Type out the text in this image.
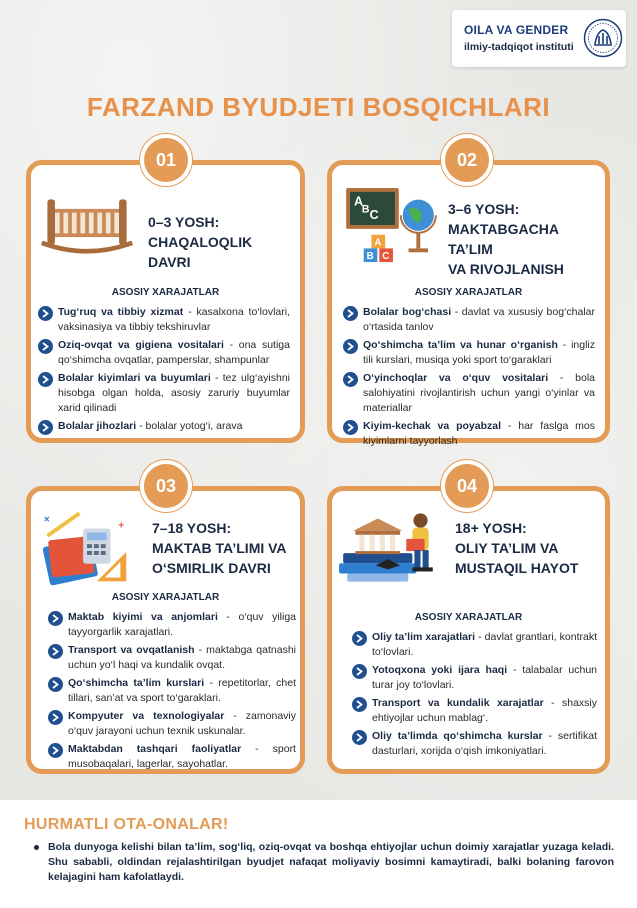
OILA VA GENDER
ilmiy-tadqiqot instituti
FARZAND BYUDJETI BOSQICHLARI
01
0–3 YOSH:
CHAQALOQLIK DAVRI
ASOSIY XARAJATLAR
Tug‘ruq va tibbiy xizmat - kasalxona to‘lovlari, vaksinasiya va tibbiy tekshiruvlar
Oziq-ovqat va gigiena vositalari - ona sutiga qo‘shimcha ovqatlar, pamperslar, shampunlar
Bolalar kiyimlari va buyumlari - tez ulg‘ayishni hisobga olgan holda, asosiy zaruriy buyumlar xarid qilinadi
Bolalar jihozlari - bolalar yotog‘i, arava
02
A
C
B
A
C
B
3–6 YOSH:
MAKTABGACHA TA’LIM
VA RIVOJLANISH
ASOSIY XARAJATLAR
Bolalar bog‘chasi - davlat va xususiy bog‘chalar o‘rtasida tanlov
Qo‘shimcha ta’lim va hunar o‘rganish - ingliz tili kurslari, musiqa yoki sport to‘garaklari
O‘yinchoqlar va o‘quv vositalari - bola salohiyatini rivojlantirish uchun yangi o‘yinlar va materiallar
Kiyim-kechak va poyabzal - har faslga mos kiyimlarni tayyorlash
03
+
×	7–18 YOSH:
MAKTAB TA’LIMI VA
O‘SMIRLIK DAVRI
ASOSIY XARAJATLAR
Maktab kiyimi va anjomlari - o‘quv yiliga tayyorgarlik xarajatlari.
Transport va ovqatlanish - maktabga qatnashi uchun yo‘l haqi va kundalik ovqat.
Qo‘shimcha ta’lim kurslari - repetitorlar, chet tillari, san’at va sport to‘garaklari.
Kompyuter va texnologiyalar - zamonaviy o‘quv jarayoni uchun texnik uskunalar.
Maktabdan tashqari faoliyatlar - sport musobaqalari, lagerlar, sayohatlar.
04
18+ YOSH:
OLIY TA’LIM VA
MUSTAQIL HAYOT
ASOSIY XARAJATLAR
Oliy ta’lim xarajatlari - davlat grantlari, kontrakt to‘lovlari.
Yotoqxona yoki ijara haqi - talabalar uchun turar joy to‘lovlari.
Transport va kundalik xarajatlar - shaxsiy ehtiyojlar uchun mablag‘.
Oliy ta’limda qo‘shimcha kurslar - sertifikat dasturlari, xorijda o‘qish imkoniyatlari.
HURMATLI OTA-ONALAR!
Bola dunyoga kelishi bilan ta’lim, sog‘liq, oziq-ovqat va boshqa ehtiyojlar uchun doimiy xarajatlar yuzaga keladi. Shu sababli, oldindan rejalashtirilgan byudjet nafaqat moliyaviy bosimni kamaytiradi, balki bolaning farovon kelajagini ham kafolatlaydi.
